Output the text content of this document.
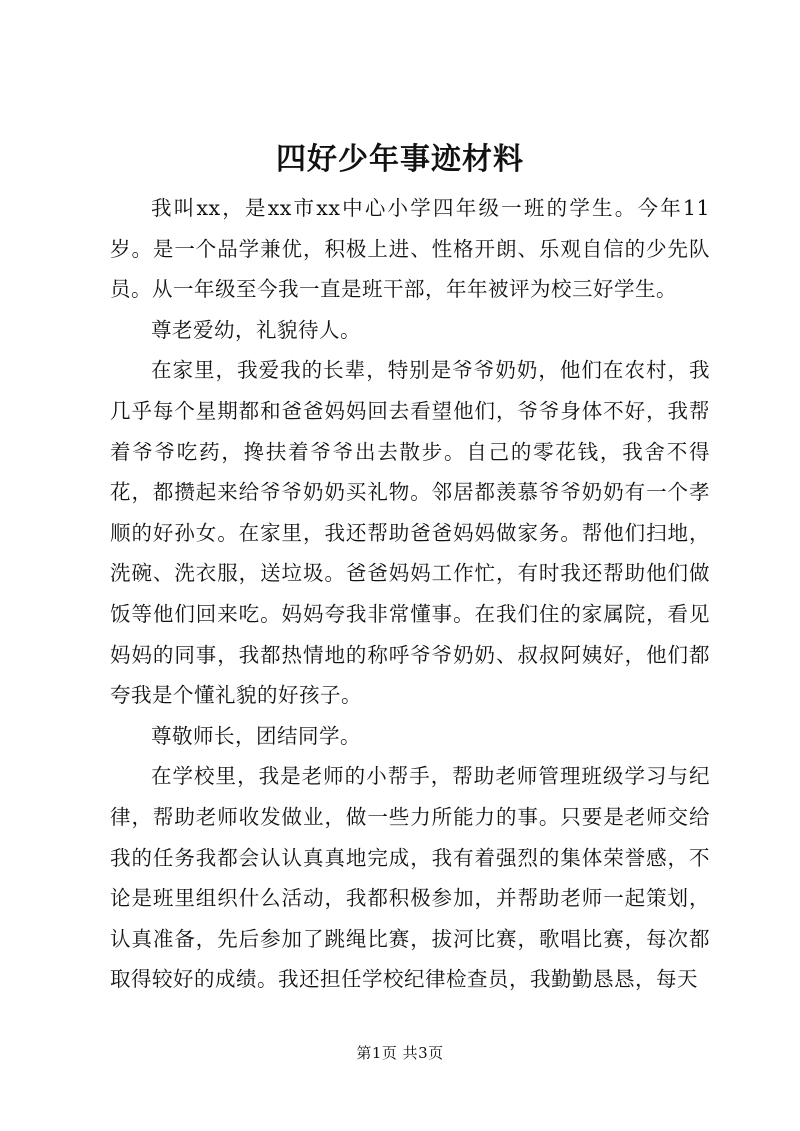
四好少年事迹材料

我叫xx，是xx市xx中心小学四年级一班的学生。今年11岁。是一个品学兼优，积极上进、性格开朗、乐观自信的少先队员。从一年级至今我一直是班干部，年年被评为校三好学生。

尊老爱幼，礼貌待人。

在家里，我爱我的长辈，特别是爷爷奶奶，他们在农村，我几乎每个星期都和爸爸妈妈回去看望他们，爷爷身体不好，我帮着爷爷吃药，搀扶着爷爷出去散步。自己的零花钱，我舍不得花，都攒起来给爷爷奶奶买礼物。邻居都羡慕爷爷奶奶有一个孝顺的好孙女。在家里，我还帮助爸爸妈妈做家务。帮他们扫地，洗碗、洗衣服，送垃圾。爸爸妈妈工作忙，有时我还帮助他们做饭等他们回来吃。妈妈夸我非常懂事。在我们住的家属院，看见妈妈的同事，我都热情地的称呼爷爷奶奶、叔叔阿姨好，他们都夸我是个懂礼貌的好孩子。

尊敬师长，团结同学。

在学校里，我是老师的小帮手，帮助老师管理班级学习与纪律，帮助老师收发做业，做一些力所能力的事。只要是老师交给我的任务我都会认认真真地完成，我有着强烈的集体荣誉感，不论是班里组织什么活动，我都积极参加，并帮助老师一起策划，认真准备，先后参加了跳绳比赛，拔河比赛，歌唱比赛，每次都取得较好的成绩。我还担任学校纪律检查员，我勤勤恳恳，每天

第1页 共3页
